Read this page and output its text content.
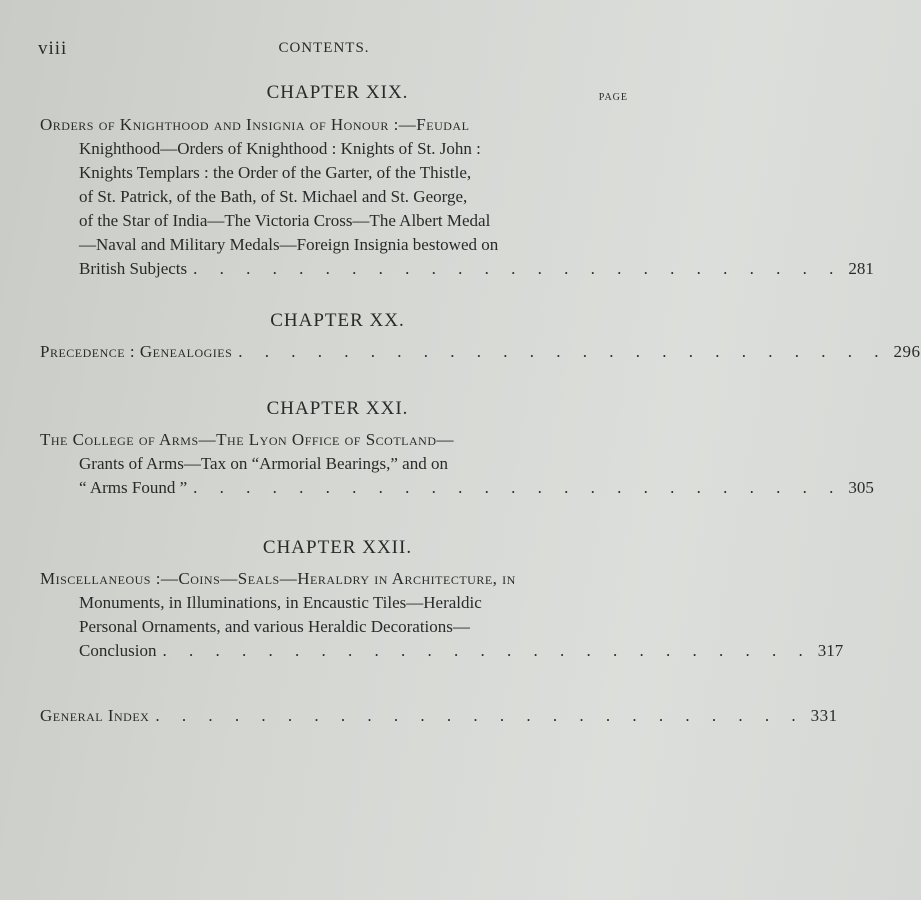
viii	CONTENTS.
CHAPTER XIX.	PAGE
Orders of Knighthood and Insignia of Honour :—Feudal
Knighthood—Orders of Knighthood : Knights of St. John :
Knights Templars : the Order of the Garter, of the Thistle,
of St. Patrick, of the Bath, of St. Michael and St. George,
of the Star of India—The Victoria Cross—The Albert Medal
—Naval and Military Medals—Foreign Insignia bestowed on
British Subjects . . . . . . . . . . . . . . . . . . . . . . . . . 281
CHAPTER XX.
Precedence : Genealogies . . . . . . . . . . . . . . . . . . . . . . . . . 296
CHAPTER XXI.
The College of Arms—The Lyon Office of Scotland—
Grants of Arms—Tax on “Armorial Bearings,” and on
“ Arms Found ” . . . . . . . . . . . . . . . . . . . . . . . . . 305
CHAPTER XXII.
Miscellaneous :—Coins—Seals—Heraldry in Architecture, in
Monuments, in Illuminations, in Encaustic Tiles—Heraldic
Personal Ornaments, and various Heraldic Decorations—
Conclusion . . . . . . . . . . . . . . . . . . . . . . . . . 317
General Index . . . . . . . . . . . . . . . . . . . . . . . . . 331
